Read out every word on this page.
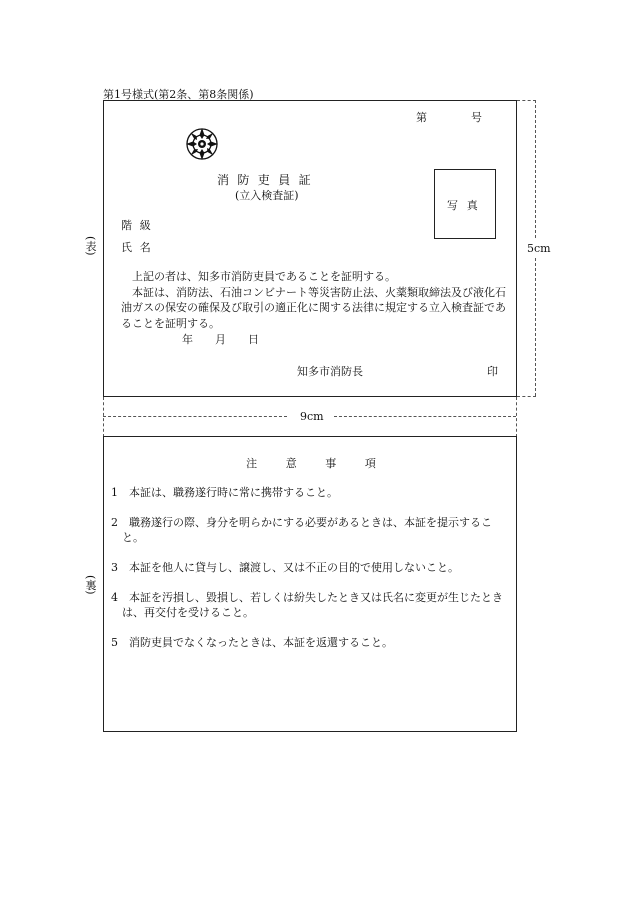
第1号様式(第2条、第8条関係)
第　　　　号
消防吏員証
(立入検査証)
写真
階級
氏名

上記の者は、知多市消防吏員であることを証明する。

本証は、消防法、石油コンビナート等災害防止法、火薬類取締法及び液化石油ガスの保安の確保及び取引の適正化に関する法律に規定する立入検査証であることを証明する。

年　　月　　日
知多市消防長	印
(表)	5cm
9cm
注意事項

1　本証は、職務遂行時に常に携帯すること。

2　職務遂行の際、身分を明らかにする必要があるときは、本証を提示すること。

3　本証を他人に貸与し、譲渡し、又は不正の目的で使用しないこと。

4　本証を汚損し、毀損し、若しくは紛失したとき又は氏名に変更が生じたときは、再交付を受けること。

5　消防吏員でなくなったときは、本証を返還すること。

(裏)
